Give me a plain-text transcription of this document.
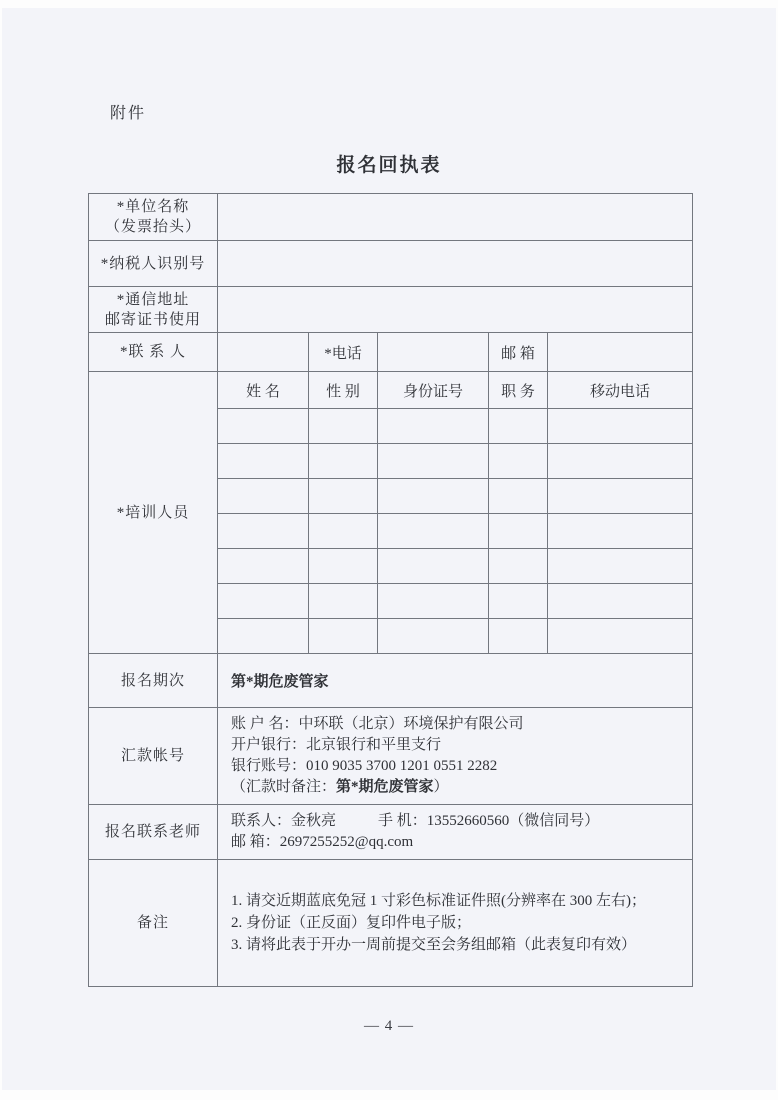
附件
报名回执表
*单位名称
（发票抬头）					

*纳税人识别号					

*通信地址
邮寄证书使用					

*联 系 人		*电话		邮 箱	
*培训人员	姓 名	性 别	身份证号	职 务	移动电话

报名期次	第*期危废管家				
汇款帐号	账 户 名：中环联（北京）环境保护有限公司
开户银行：北京银行和平里支行
银行账号：010 9035 3700 1201 0551 2282
（汇款时备注：第*期危废管家）				

报名联系老师	联系人：金秋亮 手 机：13552660560（微信同号）
邮 箱：2697255252@qq.com				

备注	1. 请交近期蓝底免冠 1 寸彩色标准证件照(分辨率在 300 左右)；
2. 身份证（正反面）复印件电子版；
3. 请将此表于开办一周前提交至会务组邮箱（此表复印有效）				
— 4 —
